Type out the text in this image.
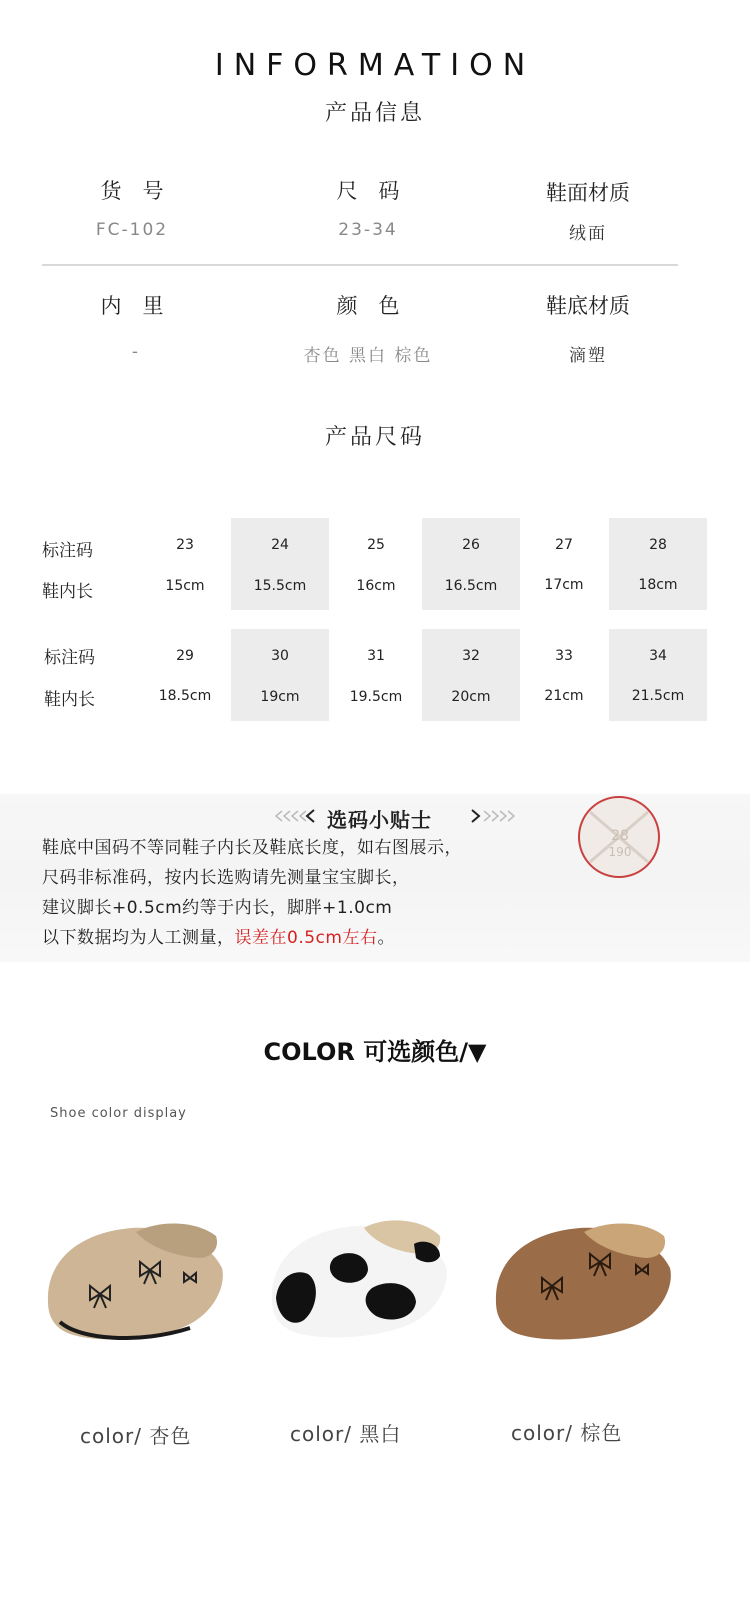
INFORMATION
产品信息
货　号
FC-102
尺　码
23-34
鞋面材质
绒面
内　里
-
颜　色
杏色 黑白 棕色
鞋底材质
滴塑
产品尺码
标注码
鞋内长
23	24	25	26	27	28
15cm	15.5cm	16cm	16.5cm	17cm	18cm
标注码
鞋内长
29	30	31	32	33	34
18.5cm	19cm	19.5cm	20cm	21cm	21.5cm
选码小贴士
鞋底中国码不等同鞋子内长及鞋底长度，如右图展示，
尺码非标准码，按内长选购请先测量宝宝脚长，
建议脚长+0.5cm约等于内长，脚胖+1.0cm
以下数据均为人工测量，误差在0.5cm左右。
28
190
COLOR 可选颜色/▼
Shoe color display
color/ 杏色	color/ 黑白	color/ 棕色
